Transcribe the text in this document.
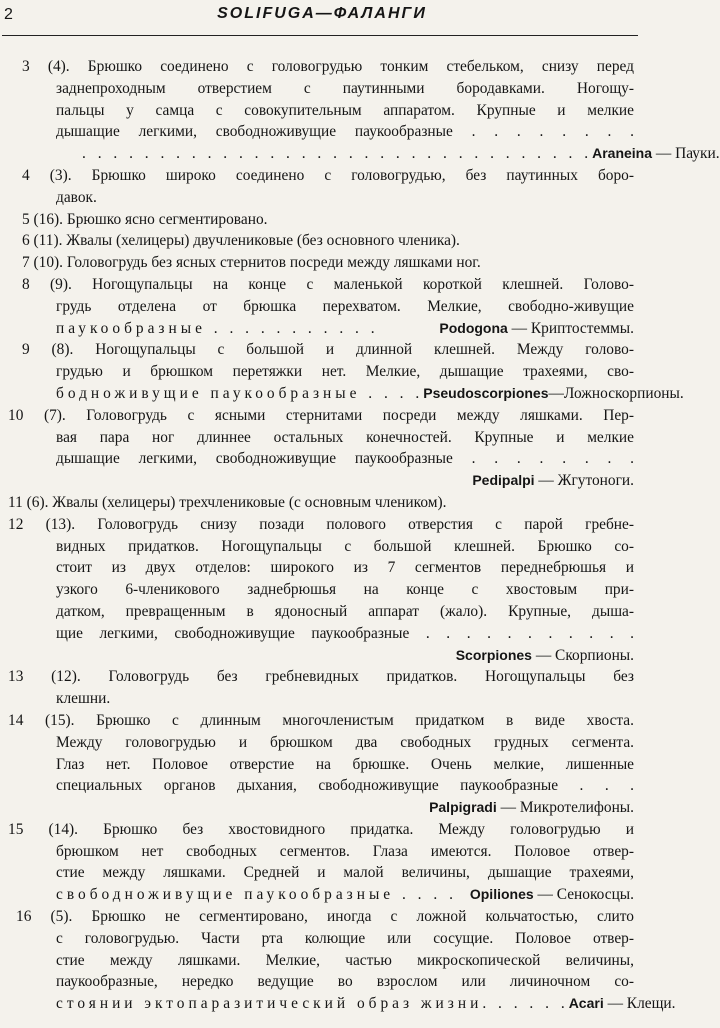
2	SOLIFUGA—ФАЛАНГИ
3 (4). Брюшко соединено с головогрудью тонким стебельком, снизу перед
заднепроходным отверстием с паутинными бородавками. Ногощу-
пальцы у самца с совокупительным аппаратом. Крупные и мелкие
дышащие легкими, свободноживущие паукообразные . . . . . . . .
. . . . . . . . . . . . . . . . . . . . . . . . . . . . . . . . . Araneina — Пауки.
4 (3). Брюшко широко соединено с головогрудью, без паутинных боро-
давок.
5 (16). Брюшко ясно сегментировано.
6 (11). Жвалы (хелицеры) двучлениковые (без основного членика).
7 (10). Головогрудь без ясных стернитов посреди между ляшками ног.
8 (9). Ногощупальцы на конце с маленькой короткой клешней. Голово-
грудь отделена от брюшка перехватом. Мелкие, свободно-живущие
паукообразные . . . . . . . . . . .	Podogona — Криптостеммы.
9 (8). Ногощупальцы с большой и длинной клешней. Между голово-
грудью и брюшком перетяжки нет. Мелкие, дышащие трахеями, сво-
бодноживущие паукообразные . . . . Pseudoscorpiones—Ложноскорпионы.
10 (7). Головогрудь с ясными стернитами посреди между ляшками. Пер-
вая пара ног длиннее остальных конечностей. Крупные и мелкие
дышащие легкими, свободноживущие паукообразные . . . . . . . .
Pedipalpi — Жгутоноги.
11 (6). Жвалы (хелицеры) трехчлениковые (с основным члеником).
12 (13). Головогрудь снизу позади полового отверстия с парой гребне-
видных придатков. Ногощупальцы с большой клешней. Брюшко со-
стоит из двух отделов: широкого из 7 сегментов переднебрюшья и
узкого 6-членикового заднебрюшья на конце с хвостовым при-
датком, превращенным в ядоносный аппарат (жало). Крупные, дыша-
щие легкими, свободноживущие паукообразные . . . . . . . . . . .
Scorpiones — Скорпионы.
13 (12). Головогрудь без гребневидных придатков. Ногощупальцы без
клешни.
14 (15). Брюшко с длинным многочленистым придатком в виде хвоста.
Между головогрудью и брюшком два свободных грудных сегмента.
Глаз нет. Половое отверстие на брюшке. Очень мелкие, лишенные
специальных органов дыхания, свободноживущие паукообразные . . .
Palpigradi — Микротелифоны.
15 (14). Брюшко без хвостовидного придатка. Между головогрудью и
брюшком нет свободных сегментов. Глаза имеются. Половое отвер-
стие между ляшками. Средней и малой величины, дышащие трахеями,
свободноживущие паукообразные . . . . Opiliones — Сенокосцы.
16 (5). Брюшко не сегментировано, иногда с ложной кольчатостью, слито
с головогрудью. Части рта колющие или сосущие. Половое отвер-
стие между ляшками. Мелкие, частью микроскопической величины,
паукообразные, нередко ведущие во взрослом или личиночном со-
стоянии эктопаразитический образ жизни. . . . . . Acari — Клещи.
